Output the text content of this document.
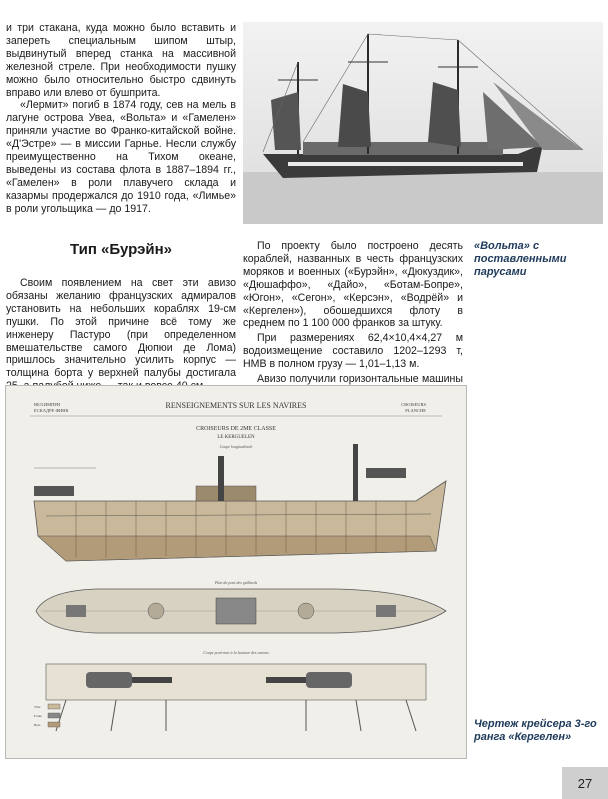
и три стакана, куда можно было вставить и запереть специальным шипом штыр, выдвинутый вперед станка на массивной железной стреле. При необходимости пушку можно было относительно быстро сдвинуть вправо или влево от бушприта.

«Лермит» погиб в 1874 году, сев на мель в лагуне острова Увеа, «Вольта» и «Гамелен» приняли участие во Франко-китайской войне. «Д'Эстре» — в миссии Гарнье. Несли службу преимущественно на Тихом океане, выведены из состава флота в 1887–1894 гг., «Гамелен» в роли плавучего склада и казармы продержался до 1910 года, «Лимье» в роли угольщика — до 1917.

Тип «Бурэйн»

Своим появлением на свет эти авизо обязаны желанию французских адмиралов установить на небольших кораблях 19-см пушки. По этой причине всё тому же инженеру Пастуро (при определенном вмешательстве самого Дюпюи де Лома) пришлось значительно усилить корпус — толщина борта у верхней палубы достигала

По проекту было построено десять кораблей, названных в честь французских моряков и военных («Бурэйн», «Дюкуздик», «Дюшаффо», «Дайо», «Ботам-Бопре», «Югон», «Сегон», «Керсэн», «Водрёй» и «Кергелен»), обошедшихся флоту в среднем по 1 100 000 франков за штуку.

При размерениях 62,4×10,4×4,27 м водоизмещение составило 1202–1293 т, НМВ в полном грузу — 1,01–1,13 м.

Авизо получили горизонтальные машины

«Вольта» с поставленными парусами
ВЕЛ.ИМПРИ
ЕСКАДРЕ ФИНК
RENSEIGNEMENTS SUR LES NAVIRES	CROISEURS
PLANCHE
CROISEURS DE 2ME CLASSE
LE KERGUELEN
Coupe longitudinale
Plan du pont des gaillards
Coupe pont-mur à la hauteur des canons
Tôle
Fonte
Bois	Чертеж крейсера 3-го ранга «Кергелен»
27
